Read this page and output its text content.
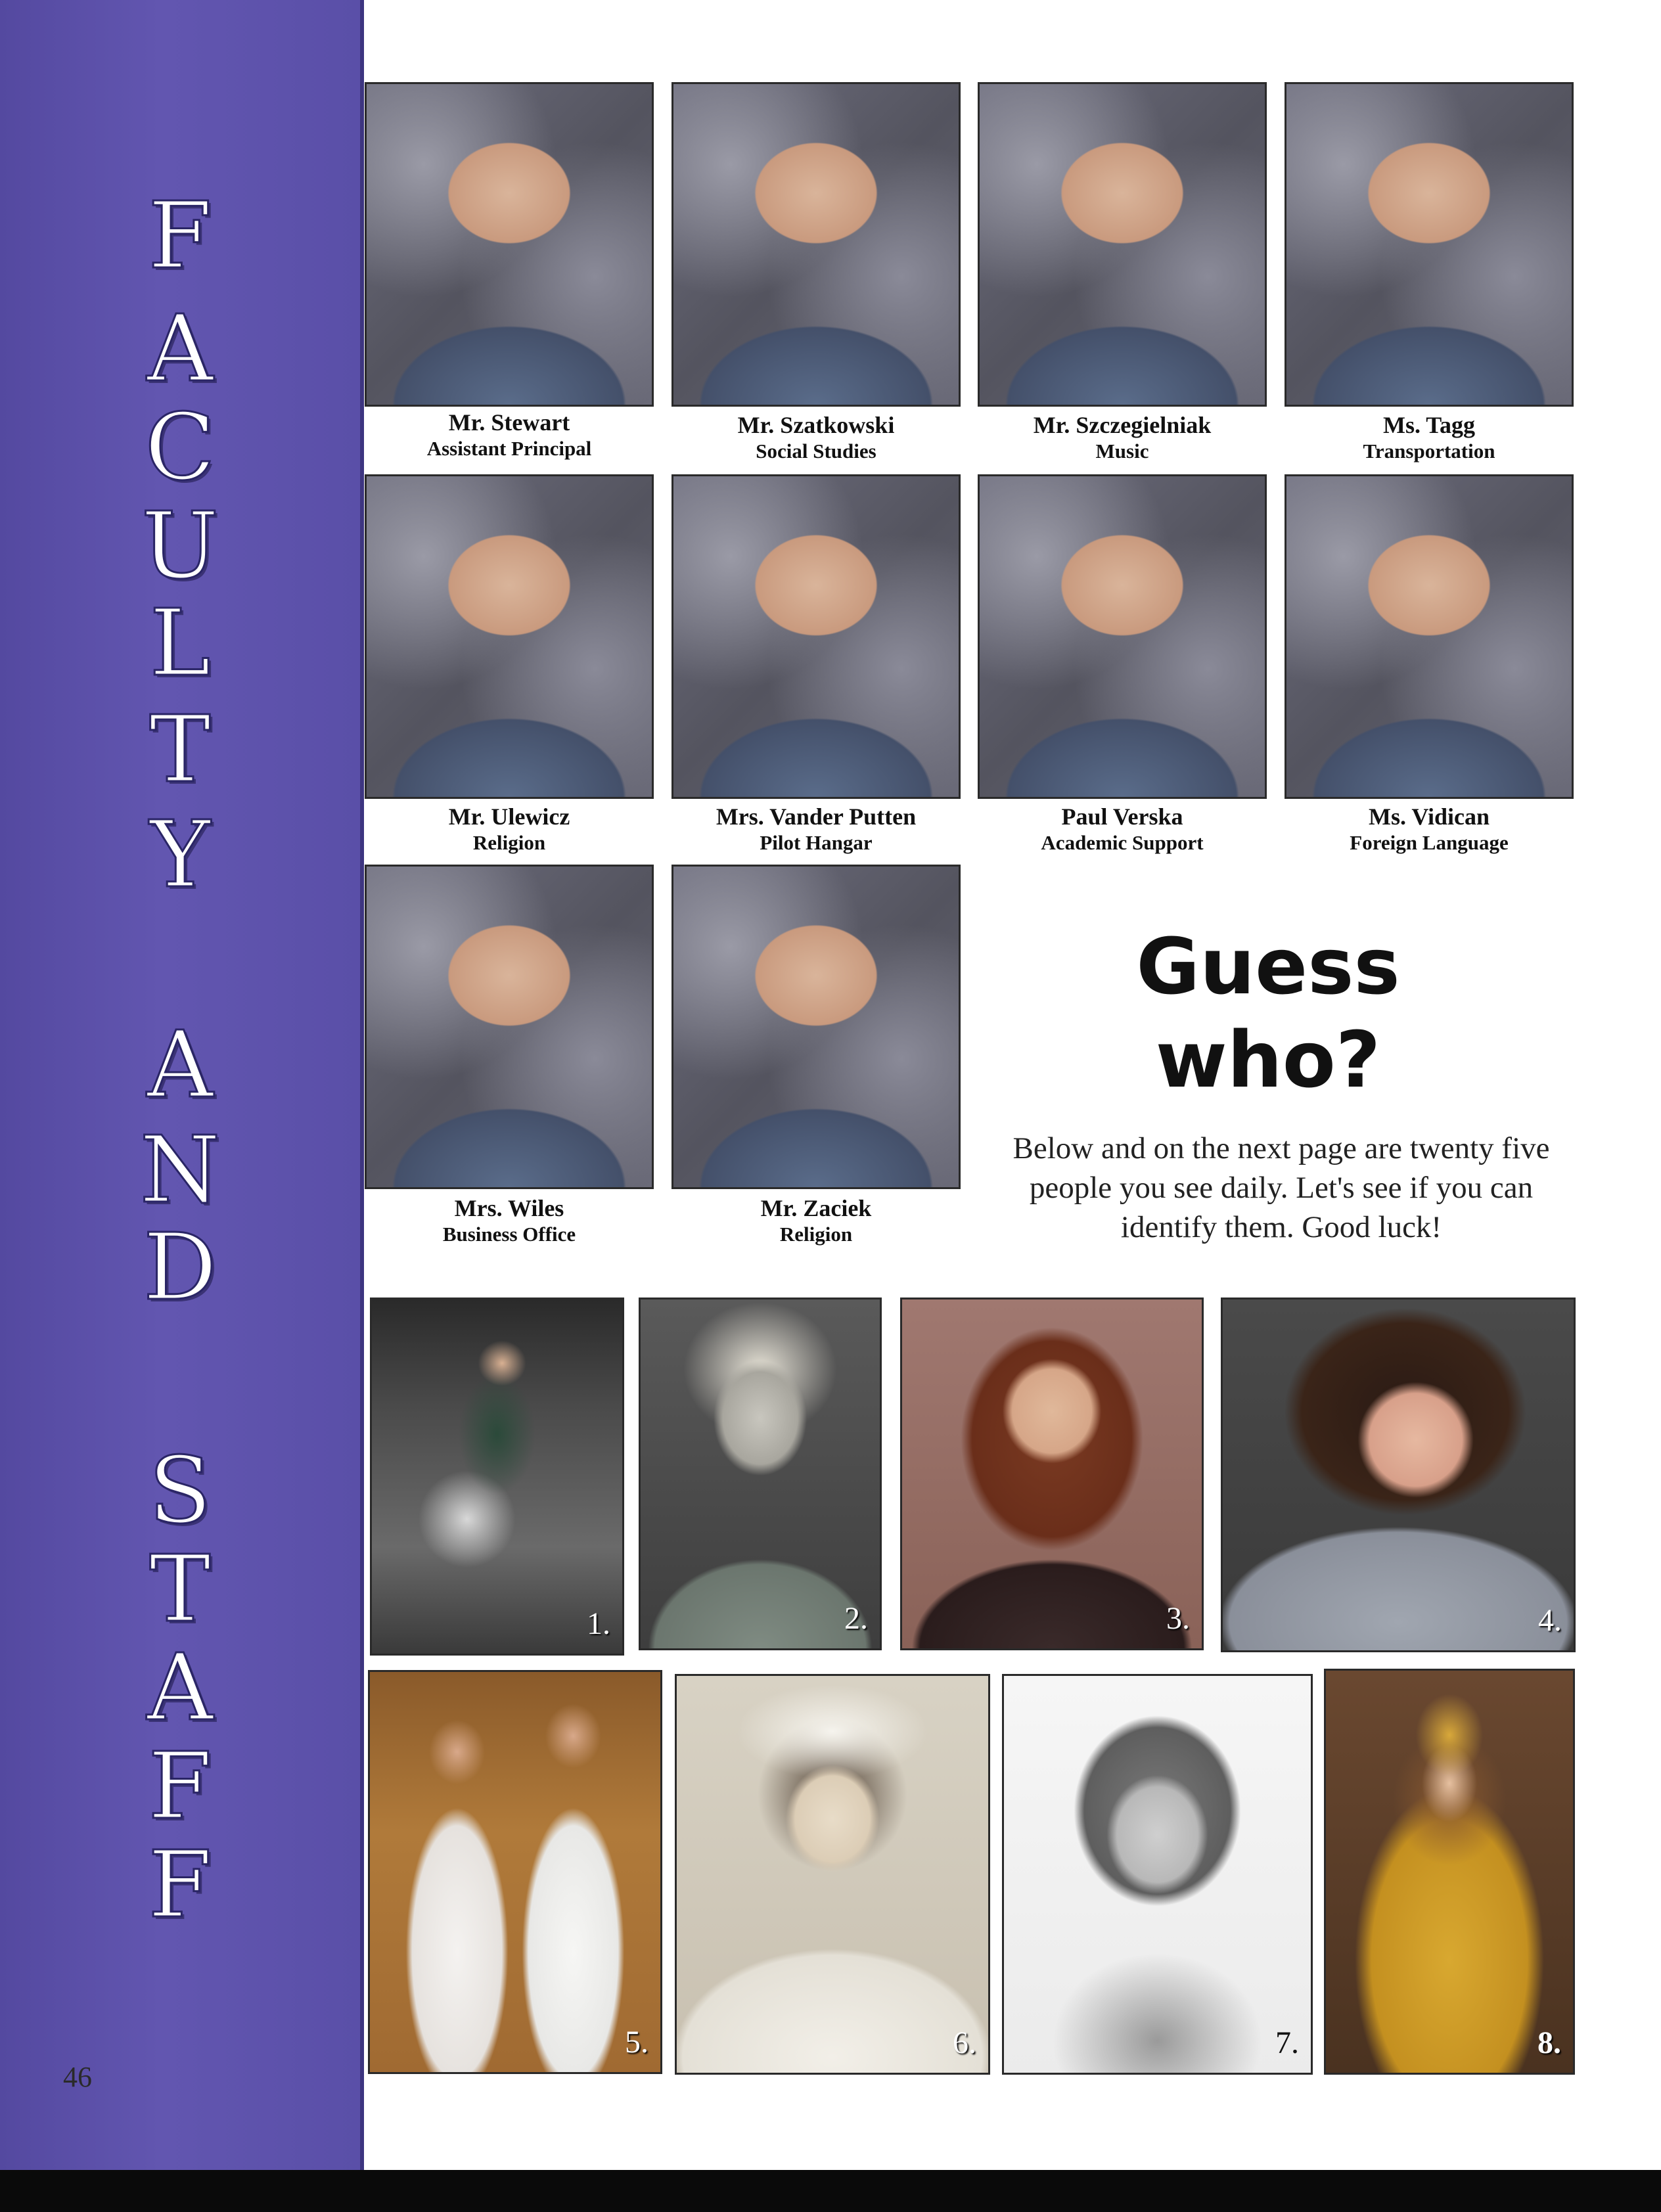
F
A
C
U
L
T
Y
A
N
D
S
T
A
F
F
46
Mr. Stewart
Assistant Principal
Mr. Szatkowski
Social Studies
Mr. Szczegielniak
Music
Ms. Tagg
Transportation
Mr. Ulewicz
Religion
Mrs. Vander Putten
Pilot Hangar
Paul Verska
Academic Support
Ms. Vidican
Foreign Language
Mrs. Wiles
Business Office
Mr. Zaciek
Religion
Guess
who?
Below and on the next page are twenty five
people you see daily. Let's see if you can
identify them. Good luck!
1.	2.	3.	4.
5.	6.	7.	8.
